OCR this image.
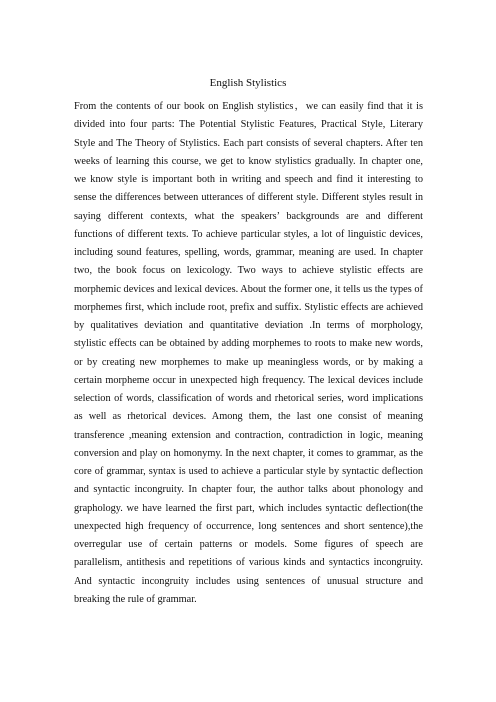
English Stylistics

From the contents of our book on English stylistics，we can easily find that it is divided into four parts: The Potential Stylistic Features, Practical Style, Literary Style and The Theory of Stylistics. Each part consists of several chapters. After ten weeks of learning this course, we get to know stylistics gradually. In chapter one, we know style is important both in writing and speech and find it interesting to sense the differences between utterances of different style. Different styles result in saying different contexts, what the speakers’ backgrounds are and different functions of different texts. To achieve particular styles, a lot of linguistic devices, including sound features, spelling, words, grammar, meaning are used. In chapter two, the book focus on lexicology. Two ways to achieve stylistic effects are morphemic devices and lexical devices. About the former one, it tells us the types of morphemes first, which include root, prefix and suffix. Stylistic effects are achieved by qualitatives deviation and quantitative deviation .In terms of morphology, stylistic effects can be obtained by adding morphemes to roots to make new words, or by creating new morphemes to make up meaningless words, or by making a certain morpheme occur in unexpected high frequency. The lexical devices include selection of words, classification of words and rhetorical series, word implications as well as rhetorical devices. Among them, the last one consist of meaning transference ,meaning extension and contraction, contradiction in logic, meaning conversion and play on homonymy. In the next chapter, it comes to grammar, as the core of grammar, syntax is used to achieve a particular style by syntactic deflection and syntactic incongruity. In chapter four, the author talks about phonology and graphology. we have learned the first part, which includes syntactic deflection(the unexpected high frequency of occurrence, long sentences and short sentence),the overregular use of certain patterns or models. Some figures of speech are parallelism, antithesis and repetitions of various kinds and syntactics incongruity. And syntactic incongruity includes using sentences of unusual structure and breaking the rule of grammar.
